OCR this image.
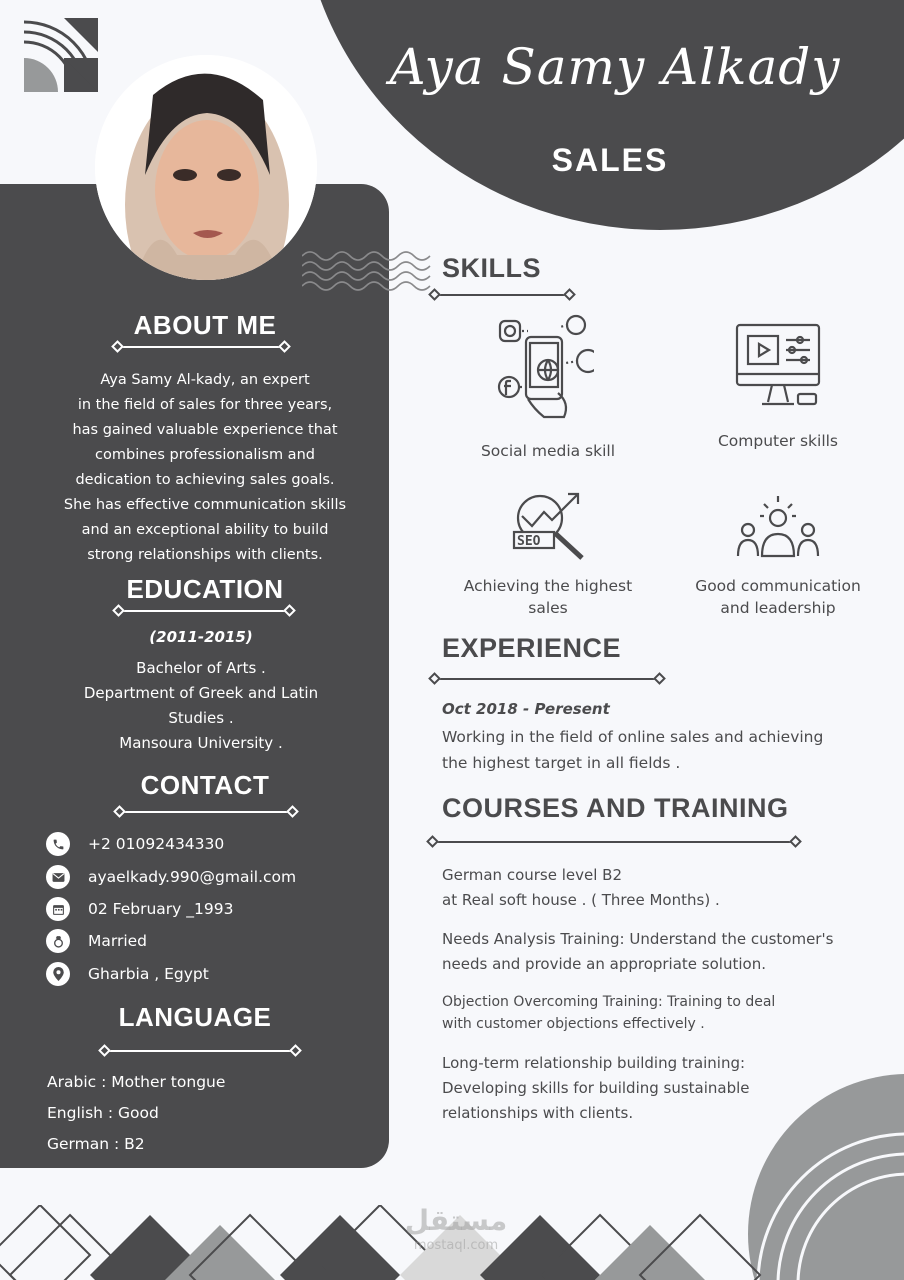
Aya Samy Alkady
SALES
ABOUT ME
Aya Samy Al-kady, an expert
in the field of sales for three years,
has gained valuable experience that
combines professionalism and
dedication to achieving sales goals.
She has effective communication skills
and an exceptional ability to build
strong relationships with clients.
EDUCATION
(2011-2015)
Bachelor of Arts .
Department of Greek and Latin
Studies .
Mansoura University .
CONTACT
+2 01092434330
ayaelkady.990@gmail.com
02 February _1993
Married
Gharbia , Egypt
LANGUAGE
Arabic : Mother tongue
English : Good
German : B2
SKILLS
Social media skill
Computer skills
SEO
Achieving the highest
sales
Good communication
and leadership
EXPERIENCE
Oct 2018 - Peresent
Working in the field of online sales and achieving
the highest target in all fields .
COURSES AND TRAINING
German course level B2
at Real soft house . ( Three Months) .
Needs Analysis Training: Understand the customer's
needs and provide an appropriate solution.
Objection Overcoming Training: Training to deal
with customer objections effectively .
Long-term relationship building training:
Developing skills for building sustainable
relationships with clients.
مستقل
mostaql.com
